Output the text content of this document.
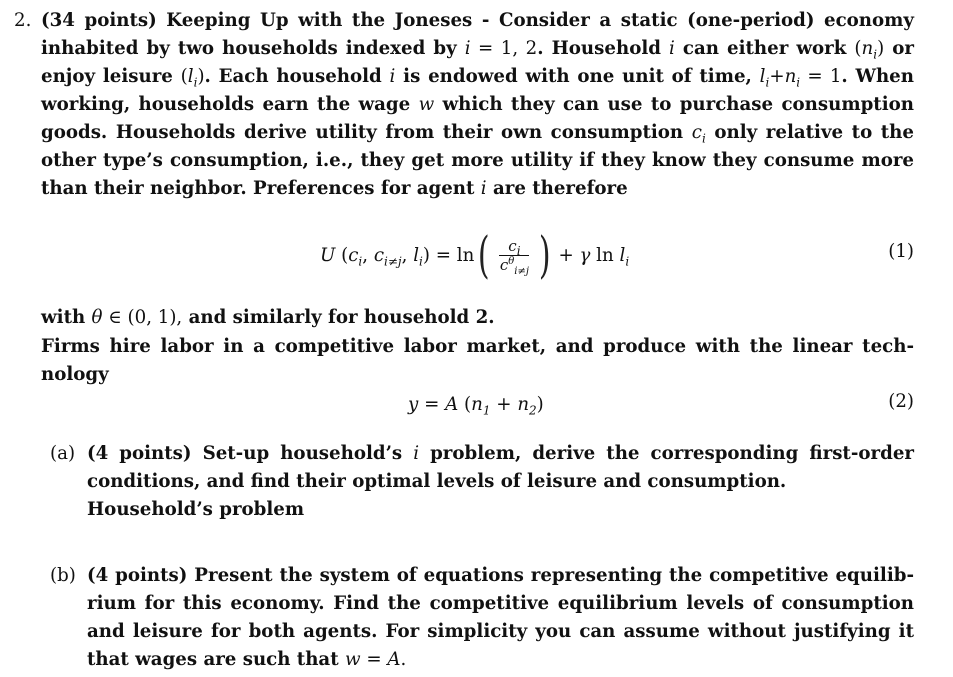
2. (34 points) Keeping Up with the Joneses - Consider a static (one-period) economy
inhabited by two households indexed by i = 1, 2. Household i can either work $(n_i)$ or
enjoy leisure $(l_i)$. Each household i is endowed with one unit of time, $l_i+n_i = 1$. When
working, households earn the wage w which they can use to purchase consumption
goods. Households derive utility from their own consumption $c_i$ only relative to the
other type’s consumption, i.e., they get more utility if they know they consume more
than their neighbor. Preferences for agent i are therefore
U ($c_i$, $c_{i\ne j}$, $l_i) = \ln$ ( $\frac{c_i}{c^\theta_{i\ne j}}$ ) + γ $\ln l_i$	(1)
with θ ∈ (0, 1), and similarly for household 2.
Firms hire labor in a competitive labor market, and produce with the linear tech-
nology
y = A $(n_1 + n_2)$	(2)
(a) (4 points) Set-up household’s i problem, derive the corresponding first-order
conditions, and find their optimal levels of leisure and consumption.
Household’s problem
(b) (4 points) Present the system of equations representing the competitive equilib-
rium for this economy. Find the competitive equilibrium levels of consumption
and leisure for both agents. For simplicity you can assume without justifying it
that wages are such that w = A.
